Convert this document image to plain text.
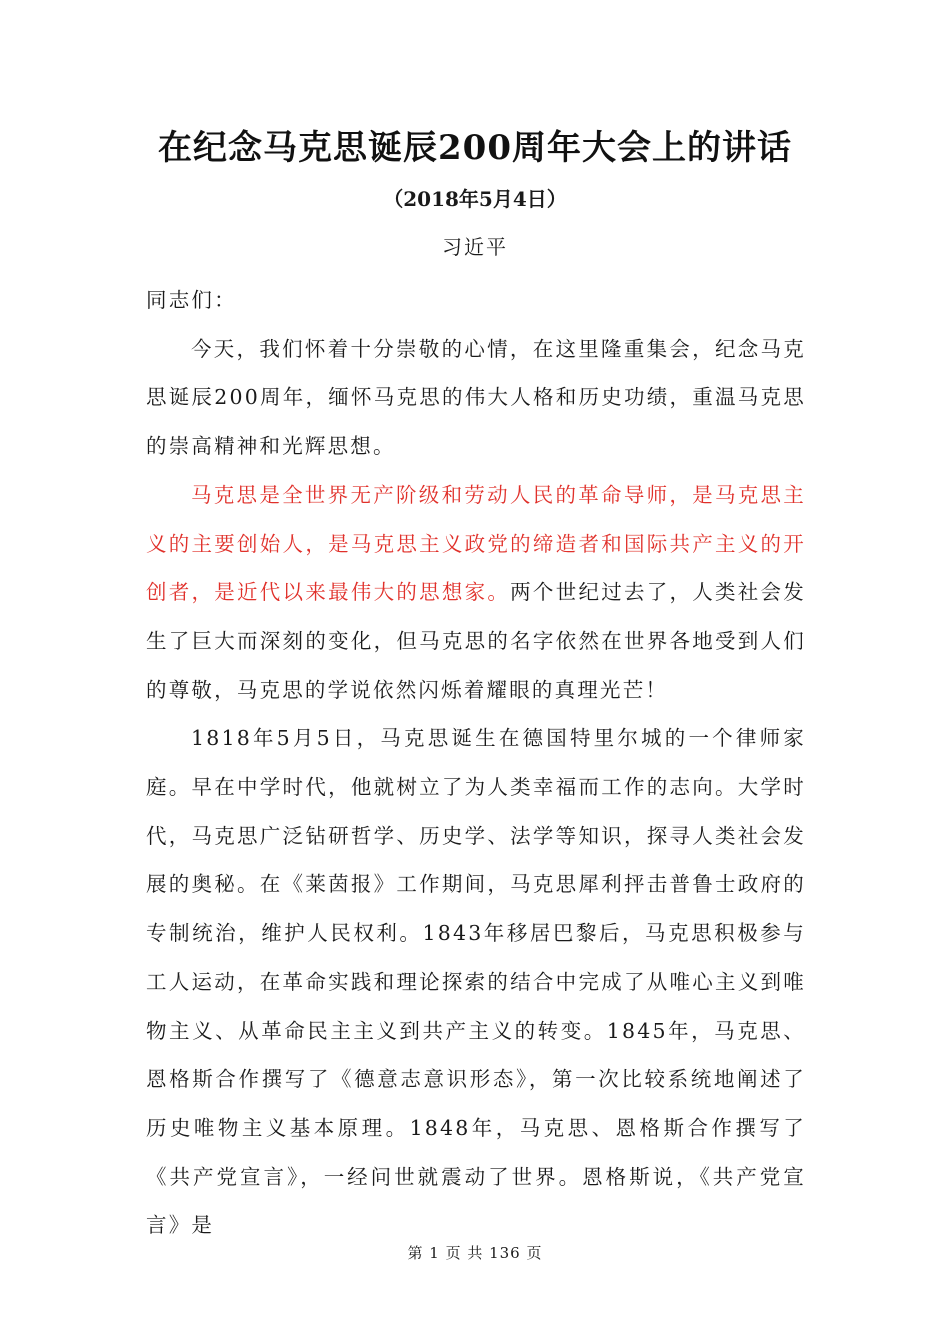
在纪念马克思诞辰200周年大会上的讲话
（2018年5月4日）
习近平

同志们：

今天，我们怀着十分崇敬的心情，在这里隆重集会，纪念马克思诞辰200周年，缅怀马克思的伟大人格和历史功绩，重温马克思的崇高精神和光辉思想。

马克思是全世界无产阶级和劳动人民的革命导师，是马克思主义的主要创始人，是马克思主义政党的缔造者和国际共产主义的开创者，是近代以来最伟大的思想家。两个世纪过去了，人类社会发生了巨大而深刻的变化，但马克思的名字依然在世界各地受到人们的尊敬，马克思的学说依然闪烁着耀眼的真理光芒！

1818年5月5日，马克思诞生在德国特里尔城的一个律师家庭。早在中学时代，他就树立了为人类幸福而工作的志向。大学时代，马克思广泛钻研哲学、历史学、法学等知识，探寻人类社会发展的奥秘。在《莱茵报》工作期间，马克思犀利抨击普鲁士政府的专制统治，维护人民权利。1843年移居巴黎后，马克思积极参与工人运动，在革命实践和理论探索的结合中完成了从唯心主义到唯物主义、从革命民主主义到共产主义的转变。1845年，马克思、恩格斯合作撰写了《德意志意识形态》，第一次比较系统地阐述了历史唯物主义基本原理。1848年，马克思、恩格斯合作撰写了《共产党宣言》，一经问世就震动了世界。恩格斯说，《共产党宣言》是

第 1 页 共 136 页
